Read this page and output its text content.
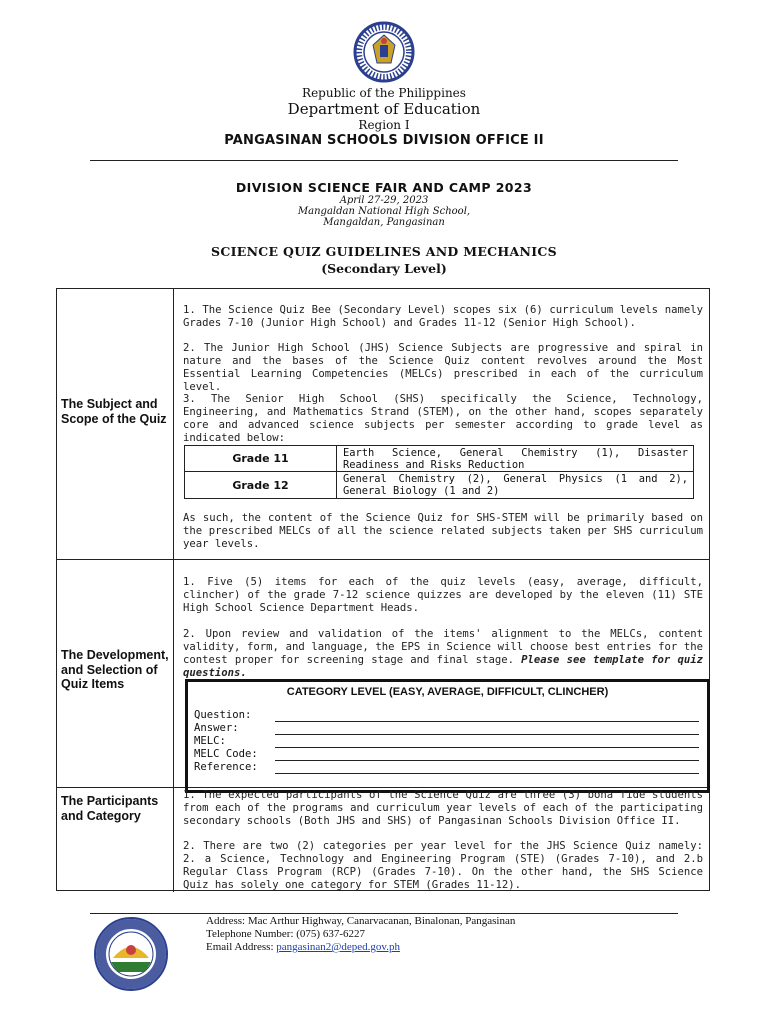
Republic of the Philippines
Department of Education
Region I
PANGASINAN SCHOOLS DIVISION OFFICE II
DIVISION SCIENCE FAIR AND CAMP 2023
April 27-29, 2023
Mangaldan National High School,
Mangaldan, Pangasinan
SCIENCE QUIZ GUIDELINES AND MECHANICS
(Secondary Level)
The Subject and Scope of the Quiz

1. The Science Quiz Bee (Secondary Level) scopes six (6) curriculum levels namely Grades 7-10 (Junior High School) and Grades 11-12 (Senior High School).

2. The Junior High School (JHS) Science Subjects are progressive and spiral in nature and the bases of the Science Quiz content revolves around the Most Essential Learning Competencies (MELCs) prescribed in each of the curriculum level.

3. The Senior High School (SHS) specifically the Science, Technology, Engineering, and Mathematics Strand (STEM), on the other hand, scopes separately core and advanced science subjects per semester according to grade level as indicated below:

Grade 11	Earth Science, General Chemistry (1), Disaster Readiness and Risks Reduction
Grade 12	General Chemistry (2), General Physics (1 and 2), General Biology (1 and 2)

As such, the content of the Science Quiz for SHS-STEM will be primarily based on the prescribed MELCs of all the science related subjects taken per SHS curriculum year levels.

The Development, and Selection of Quiz Items

1. Five (5) items for each of the quiz levels (easy, average, difficult, clincher) of the grade 7-12 science quizzes are developed by the eleven (11) STE High School Science Department Heads.

2. Upon review and validation of the items' alignment to the MELCs, content validity, form, and language, the EPS in Science will choose best entries for the contest proper for screening stage and final stage. Please see template for quiz questions.

CATEGORY LEVEL (EASY, AVERAGE, DIFFICULT, CLINCHER)
Question:
Answer:
MELC:
MELC Code:
Reference:
The Participants and Category

1. The expected participants of the Science Quiz are three (3) bona fide students from each of the programs and curriculum year levels of each of the participating secondary schools (Both JHS and SHS) of Pangasinan Schools Division Office II.

2. There are two (2) categories per year level for the JHS Science Quiz namely: 2. a Science, Technology and Engineering Program (STE) (Grades 7-10), and 2.b Regular Class Program (RCP) (Grades 7-10). On the other hand, the SHS Science Quiz has solely one category for STEM (Grades 11-12).

Address: Mac Arthur Highway, Canarvacanan, Binalonan, Pangasinan
Telephone Number: (075) 637-6227
Email Address: pangasinan2@deped.gov.ph
